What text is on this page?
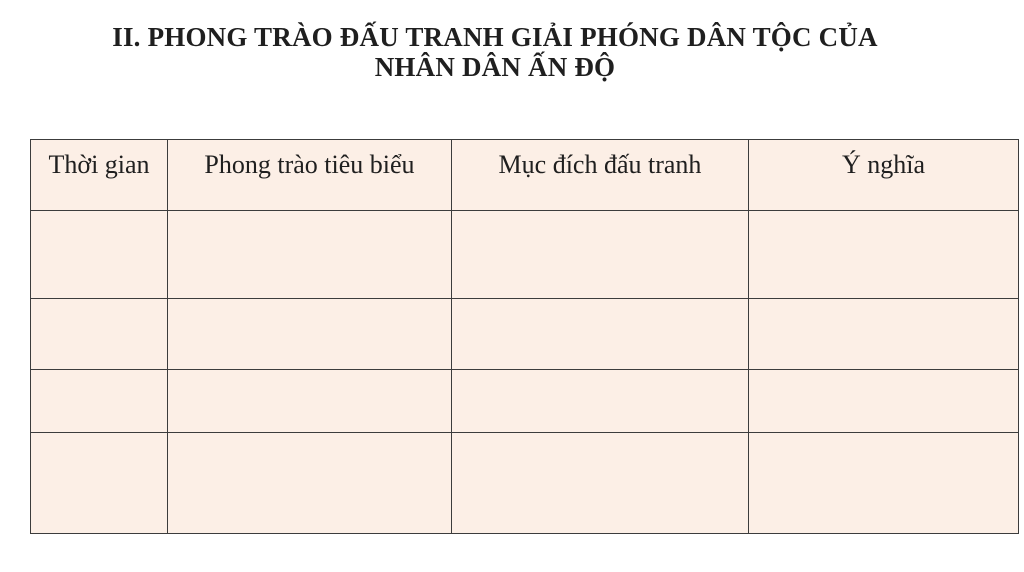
II. PHONG TRÀO ĐẤU TRANH GIẢI PHÓNG DÂN TỘC CỦA
NHÂN DÂN ẤN ĐỘ
Thời gian	Phong trào tiêu biểu	Mục đích đấu tranh	Ý nghĩa
